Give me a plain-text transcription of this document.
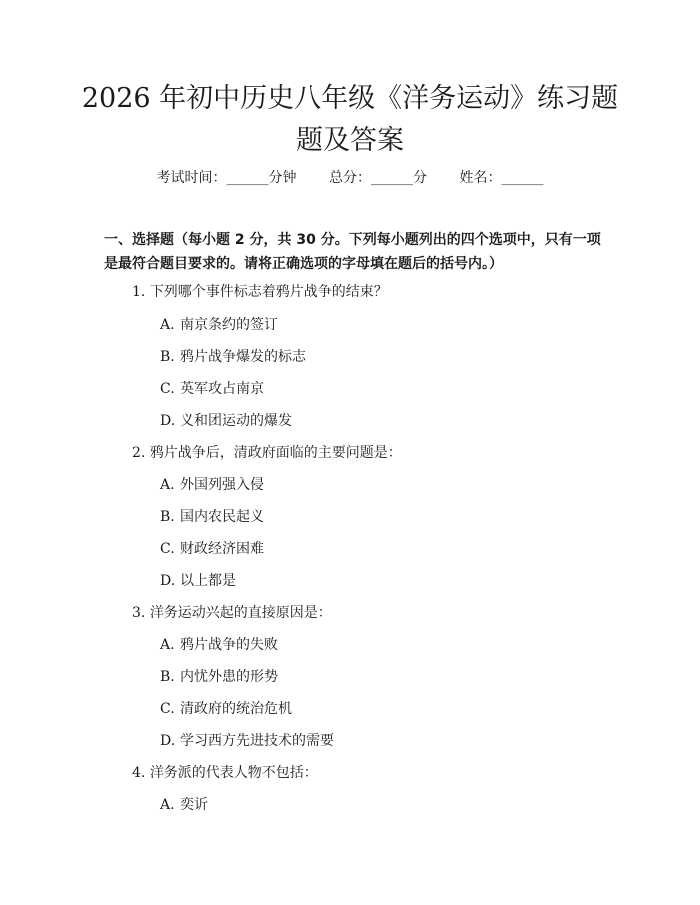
2026 年初中历史八年级《洋务运动》练习题
题及答案
考试时间：______分钟 总分：______分 姓名：______
一、选择题（每小题 2 分，共 30 分。下列每小题列出的四个选项中，只有一项是最符合题目要求的。请将正确选项的字母填在题后的括号内。）
1. 下列哪个事件标志着鸦片战争的结束？
A. 南京条约的签订
B. 鸦片战争爆发的标志
C. 英军攻占南京
D. 义和团运动的爆发
2. 鸦片战争后，清政府面临的主要问题是：
A. 外国列强入侵
B. 国内农民起义
C. 财政经济困难
D. 以上都是
3. 洋务运动兴起的直接原因是：
A. 鸦片战争的失败
B. 内忧外患的形势
C. 清政府的统治危机
D. 学习西方先进技术的需要
4. 洋务派的代表人物不包括：
A. 奕䜣
